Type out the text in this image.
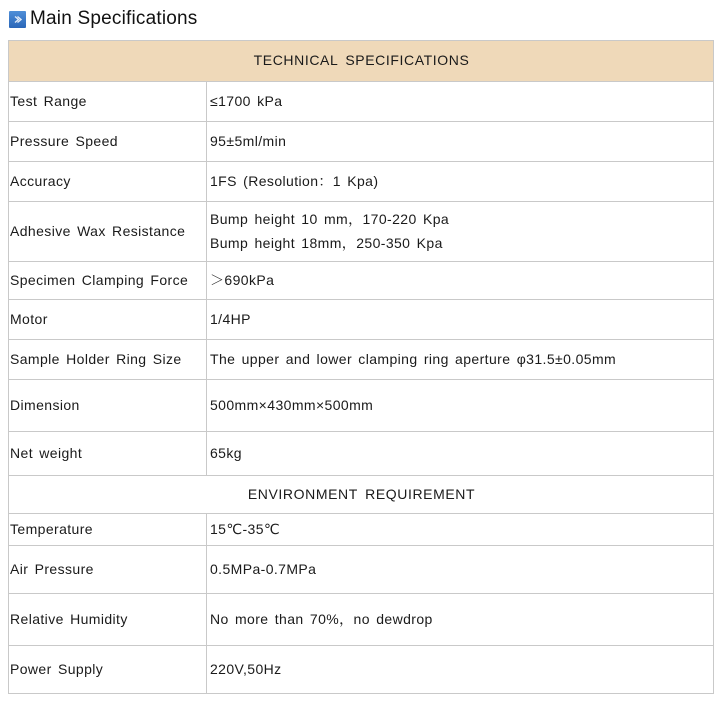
Main Specifications
TECHNICAL SPECIFICATIONS	
Test Range	≤1700 kPa
Pressure Speed	95±5ml/min
Accuracy	1FS (Resolution：1 Kpa)
Adhesive Wax Resistance	Bump height 10 mm，170-220 Kpa
Bump height 18mm，250-350 Kpa

Specimen Clamping Force	＞690kPa
Motor	1/4HP
Sample Holder Ring Size	The upper and lower clamping ring aperture φ31.5±0.05mm
Dimension	500mm×430mm×500mm
Net weight	65kg
ENVIRONMENT REQUIREMENT	
Temperature	15℃-35℃
Air Pressure	0.5MPa-0.7MPa
Relative Humidity	No more than 70%，no dewdrop
Power Supply	220V,50Hz
